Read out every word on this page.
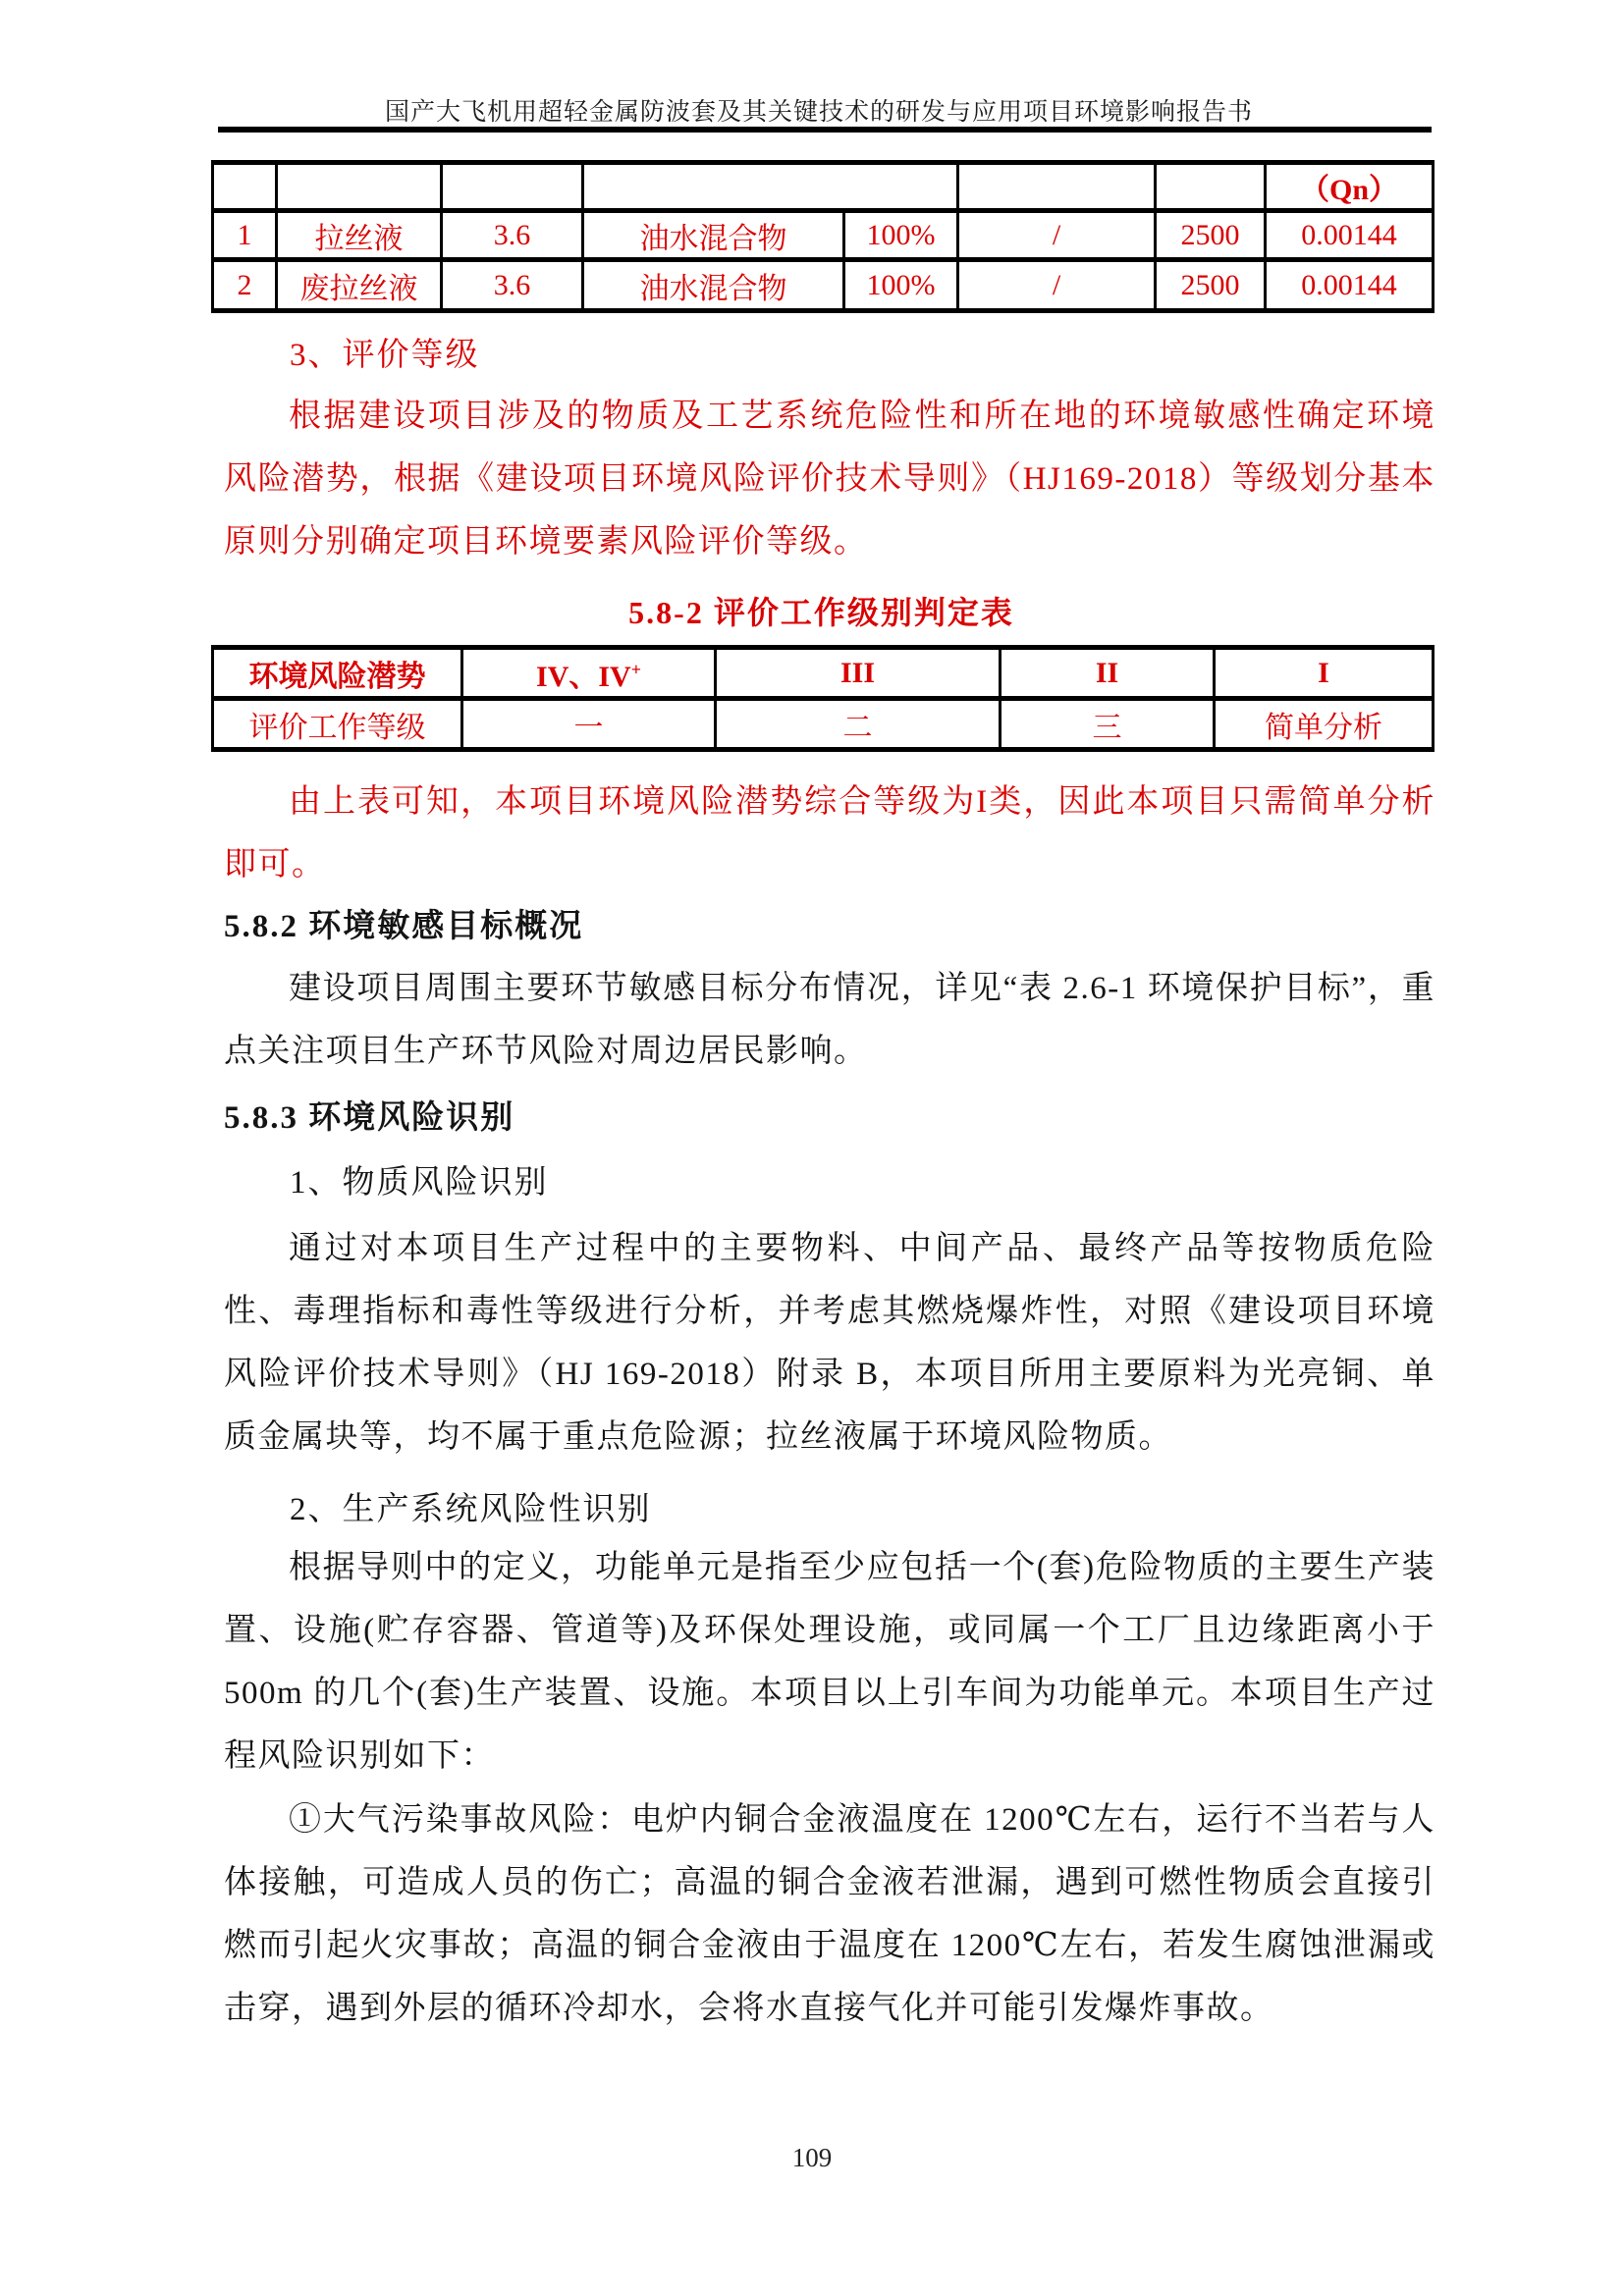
国产大飞机用超轻金属防波套及其关键技术的研发与应用项目环境影响报告书
							（Qn）
1	拉丝液	3.6	油水混合物	100%	/	2500	0.00144
2	废拉丝液	3.6	油水混合物	100%	/	2500	0.00144
3、评价等级

根据建设项目涉及的物质及工艺系统危险性和所在地的环境敏感性确定环境风险潜势，根据《建设项目环境风险评价技术导则》（HJ169-2018）等级划分基本原则分别确定项目环境要素风险评价等级。

5.8-2 评价工作级别判定表
环境风险潜势	IV、IV+	III	II	I
评价工作等级	一	二	三	简单分析

由上表可知，本项目环境风险潜势综合等级为I类，因此本项目只需简单分析即可。

5.8.2 环境敏感目标概况

建设项目周围主要环节敏感目标分布情况，详见“表 2.6-1 环境保护目标”，重点关注项目生产环节风险对周边居民影响。

5.8.3 环境风险识别
1、物质风险识别

通过对本项目生产过程中的主要物料、中间产品、最终产品等按物质危险性、毒理指标和毒性等级进行分析，并考虑其燃烧爆炸性，对照《建设项目环境风险评价技术导则》（HJ 169-2018）附录 B，本项目所用主要原料为光亮铜、单质金属块等，均不属于重点危险源；拉丝液属于环境风险物质。

2、生产系统风险性识别

根据导则中的定义，功能单元是指至少应包括一个(套)危险物质的主要生产装置、设施(贮存容器、管道等)及环保处理设施，或同属一个工厂且边缘距离小于500m 的几个(套)生产装置、设施。本项目以上引车间为功能单元。本项目生产过程风险识别如下：

①大气污染事故风险：电炉内铜合金液温度在 1200℃左右，运行不当若与人体接触，可造成人员的伤亡；高温的铜合金液若泄漏，遇到可燃性物质会直接引燃而引起火灾事故；高温的铜合金液由于温度在 1200℃左右，若发生腐蚀泄漏或击穿，遇到外层的循环冷却水，会将水直接气化并可能引发爆炸事故。

109
